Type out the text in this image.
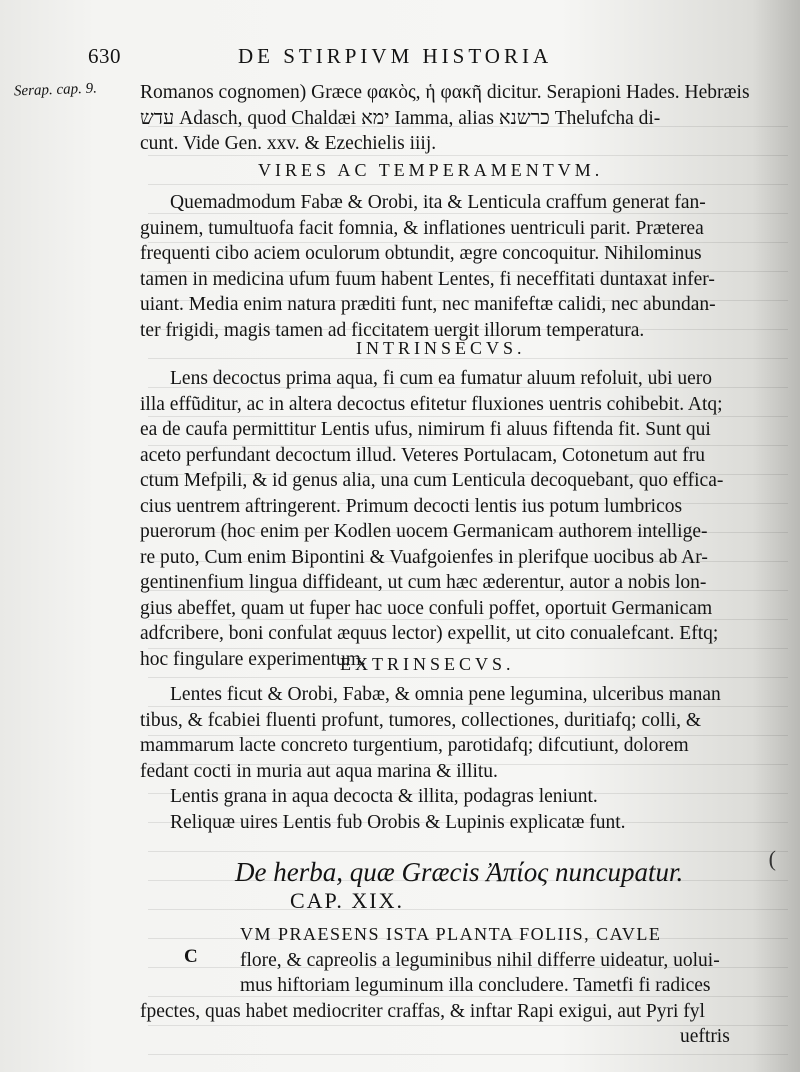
630	DE STIRPIVM HISTORIA
Serap. cap. 9. Romanos cognomen) Græce φακὸς, ἡ φακῆ dicitur. Serapioni Hades. Hebræis
עדש Adasch, quod Chaldæi ימא Iamma, alias כרשנא Thelufcha di-
cunt. Vide Gen. xxv. & Ezechielis iiij.
VIRES AC TEMPERAMENTVM.
Quemadmodum Fabæ & Orobi, ita & Lenticula craffum generat fan-
guinem, tumultuofa facit fomnia, & inflationes uentriculi parit. Præterea
frequenti cibo aciem oculorum obtundit, ægre concoquitur. Nihilominus
tamen in medicina ufum fuum habent Lentes, fi neceffitati duntaxat infer-
uiant. Media enim natura præditi funt, nec manifeftæ calidi, nec abundan-
ter frigidi, magis tamen ad ficcitatem uergit illorum temperatura.
INTRINSECVS.
Lens decoctus prima aqua, fi cum ea fumatur aluum refoluit, ubi uero
illa effũditur, ac in altera decoctus efitetur fluxiones uentris cohibebit. Atq;
ea de caufa permittitur Lentis ufus, nimirum fi aluus fiftenda fit. Sunt qui
aceto perfundant decoctum illud. Veteres Portulacam, Cotonetum aut fru
ctum Mefpili, & id genus alia, una cum Lenticula decoquebant, quo effica-
cius uentrem aftringerent. Primum decocti lentis ius potum lumbricos
puerorum (hoc enim per Kodlen uocem Germanicam authorem intellige-
re puto, Cum enim Bipontini & Vuafgoienfes in plerifque uocibus ab Ar-
gentinenfium lingua diffideant, ut cum hæc æderentur, autor a nobis lon-
gius abeffet, quam ut fuper hac uoce confuli poffet, oportuit Germanicam
adfcribere, boni confulat æquus lector) expellit, ut cito conualefcant. Eftq;
hoc fingulare experimentum.
EXTRINSECVS.
Lentes ficut & Orobi, Fabæ, & omnia pene legumina, ulceribus manan
tibus, & fcabiei fluenti profunt, tumores, collectiones, duritiafq; colli, &
mammarum lacte concreto turgentium, parotidafq; difcutiunt, dolorem
fedant cocti in muria aut aqua marina & illitu.
Lentis grana in aqua decocta & illita, podagras leniunt.
Reliquæ uires Lentis fub Orobis & Lupinis explicatæ funt.
De herba, quæ Græcis Ἀπίος nuncupatur.
CAP. XIX.
C
VM PRAESENS ISTA PLANTA FOLIIS, CAVLE
flore, & capreolis a leguminibus nihil differre uideatur, uolui-
mus hiftoriam leguminum illa concludere. Tametfi fi radices
fpectes, quas habet mediocriter craffas, & inftar Rapi exigui, aut Pyri fyl
ueftris
(
